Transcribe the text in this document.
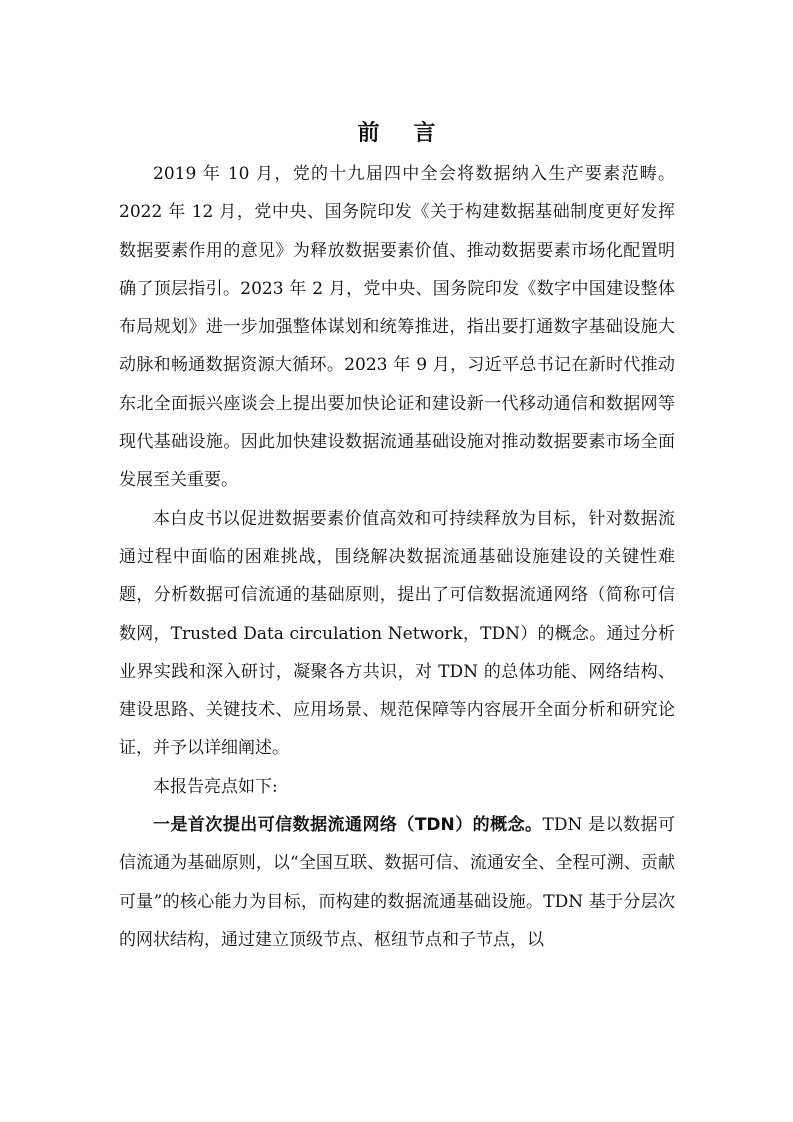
前 言

2019 年 10 月，党的十九届四中全会将数据纳入生产要素范畴。2022 年 12 月，党中央、国务院印发《关于构建数据基础制度更好发挥数据要素作用的意见》为释放数据要素价值、推动数据要素市场化配置明确了顶层指引。2023 年 2 月，党中央、国务院印发《数字中国建设整体布局规划》进一步加强整体谋划和统筹推进，指出要打通数字基础设施大动脉和畅通数据资源大循环。2023 年 9 月，习近平总书记在新时代推动东北全面振兴座谈会上提出要加快论证和建设新一代移动通信和数据网等现代基础设施。因此加快建设数据流通基础设施对推动数据要素市场全面发展至关重要。

本白皮书以促进数据要素价值高效和可持续释放为目标，针对数据流通过程中面临的困难挑战，围绕解决数据流通基础设施建设的关键性难题，分析数据可信流通的基础原则，提出了可信数据流通网络（简称可信数网，Trusted Data circulation Network，TDN）的概念。通过分析业界实践和深入研讨，凝聚各方共识，对 TDN 的总体功能、网络结构、建设思路、关键技术、应用场景、规范保障等内容展开全面分析和研究论证，并予以详细阐述。

本报告亮点如下:

一是首次提出可信数据流通网络（TDN）的概念。TDN 是以数据可信流通为基础原则，以“全国互联、数据可信、流通安全、全程可溯、贡献可量”的核心能力为目标，而构建的数据流通基础设施。TDN 基于分层次的网状结构，通过建立顶级节点、枢纽节点和子节点，以
